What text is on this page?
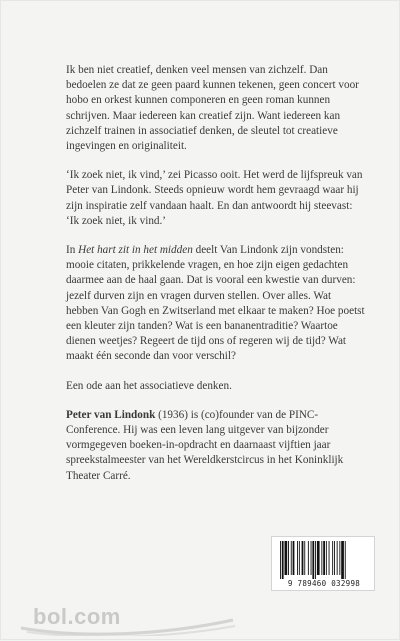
Ik ben niet creatief, denken veel mensen van zichzelf. Dan bedoelen ze dat ze geen paard kunnen tekenen, geen concert voor hobo en orkest kunnen componeren en geen roman kunnen schrijven. Maar iedereen kan creatief zijn. Want iedereen kan zichzelf trainen in associatief denken, de sleutel tot creatieve ingevingen en originaliteit.

‘Ik zoek niet, ik vind,’ zei Picasso ooit. Het werd de lijfspreuk van Peter van Lindonk. Steeds opnieuw wordt hem gevraagd waar hij zijn inspiratie zelf vandaan haalt. En dan antwoordt hij steevast: ‘Ik zoek niet, ik vind.’

In Het hart zit in het midden deelt Van Lindonk zijn vondsten: mooie citaten, prikkelende vragen, en hoe zijn eigen gedachten daarmee aan de haal gaan. Dat is vooral een kwestie van durven: jezelf durven zijn en vragen durven stellen. Over alles. Wat hebben Van Gogh en Zwitserland met elkaar te maken? Hoe poetst een kleuter zijn tanden? Wat is een bananentraditie? Waartoe dienen weetjes? Regeert de tijd ons of regeren wij de tijd? Wat maakt één seconde dan voor verschil?

Een ode aan het associatieve denken.

Peter van Lindonk (1936) is (co)founder van de PINC-Conference. Hij was een leven lang uitgever van bijzonder vormgegeven boeken-in-opdracht en daarnaast vijftien jaar spreekstalmeester van het Wereldkerstcircus in het Koninklijk Theater Carré.

9 789460 032998
bol.com
